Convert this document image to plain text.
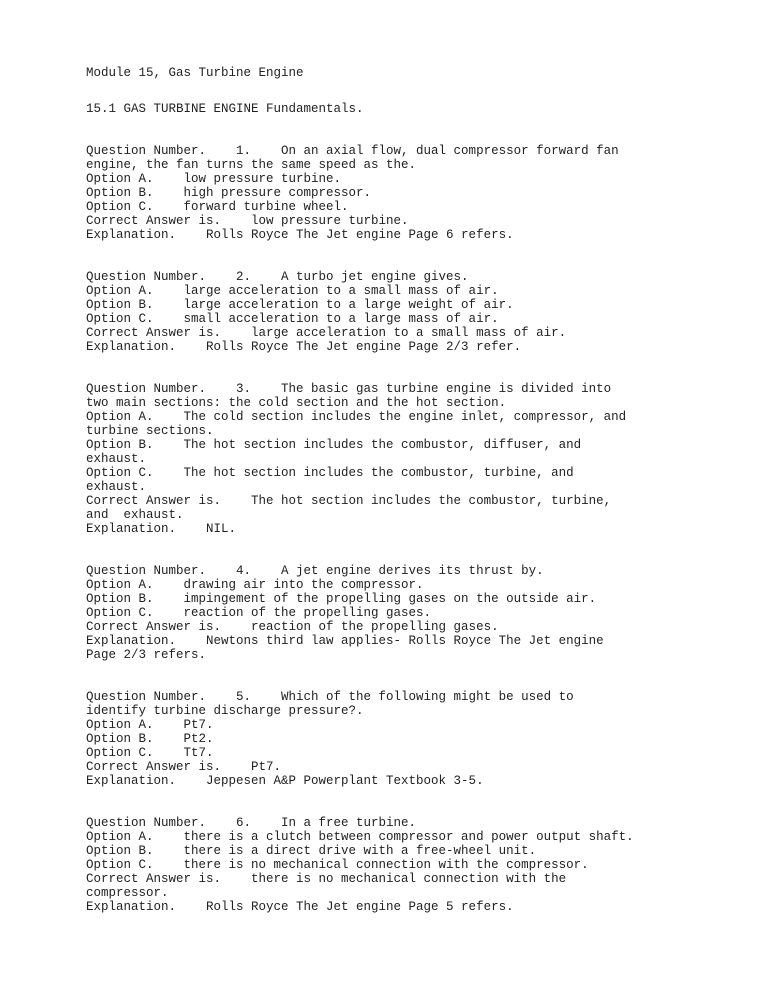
Module 15, Gas Turbine Engine
15.1 GAS TURBINE ENGINE Fundamentals.
Question Number.    1.    On an axial flow, dual compressor forward fan
engine, the fan turns the same speed as the.
Option A.    low pressure turbine.
Option B.    high pressure compressor.
Option C.    forward turbine wheel.
Correct Answer is.    low pressure turbine.
Explanation.    Rolls Royce The Jet engine Page 6 refers.
Question Number.    2.    A turbo jet engine gives.
Option A.    large acceleration to a small mass of air.
Option B.    large acceleration to a large weight of air.
Option C.    small acceleration to a large mass of air.
Correct Answer is.    large acceleration to a small mass of air.
Explanation.    Rolls Royce The Jet engine Page 2/3 refer.
Question Number.    3.    The basic gas turbine engine is divided into
two main sections: the cold section and the hot section.
Option A.    The cold section includes the engine inlet, compressor, and
turbine sections.
Option B.    The hot section includes the combustor, diffuser, and
exhaust.
Option C.    The hot section includes the combustor, turbine, and
exhaust.
Correct Answer is.    The hot section includes the combustor, turbine,
and  exhaust.
Explanation.    NIL.
Question Number.    4.    A jet engine derives its thrust by.
Option A.    drawing air into the compressor.
Option B.    impingement of the propelling gases on the outside air.
Option C.    reaction of the propelling gases.
Correct Answer is.    reaction of the propelling gases.
Explanation.    Newtons third law applies- Rolls Royce The Jet engine
Page 2/3 refers.
Question Number.    5.    Which of the following might be used to
identify turbine discharge pressure?.
Option A.    Pt7.
Option B.    Pt2.
Option C.    Tt7.
Correct Answer is.    Pt7.
Explanation.    Jeppesen A&P Powerplant Textbook 3-5.
Question Number.    6.    In a free turbine.
Option A.    there is a clutch between compressor and power output shaft.
Option B.    there is a direct drive with a free-wheel unit.
Option C.    there is no mechanical connection with the compressor.
Correct Answer is.    there is no mechanical connection with the
compressor.
Explanation.    Rolls Royce The Jet engine Page 5 refers.
